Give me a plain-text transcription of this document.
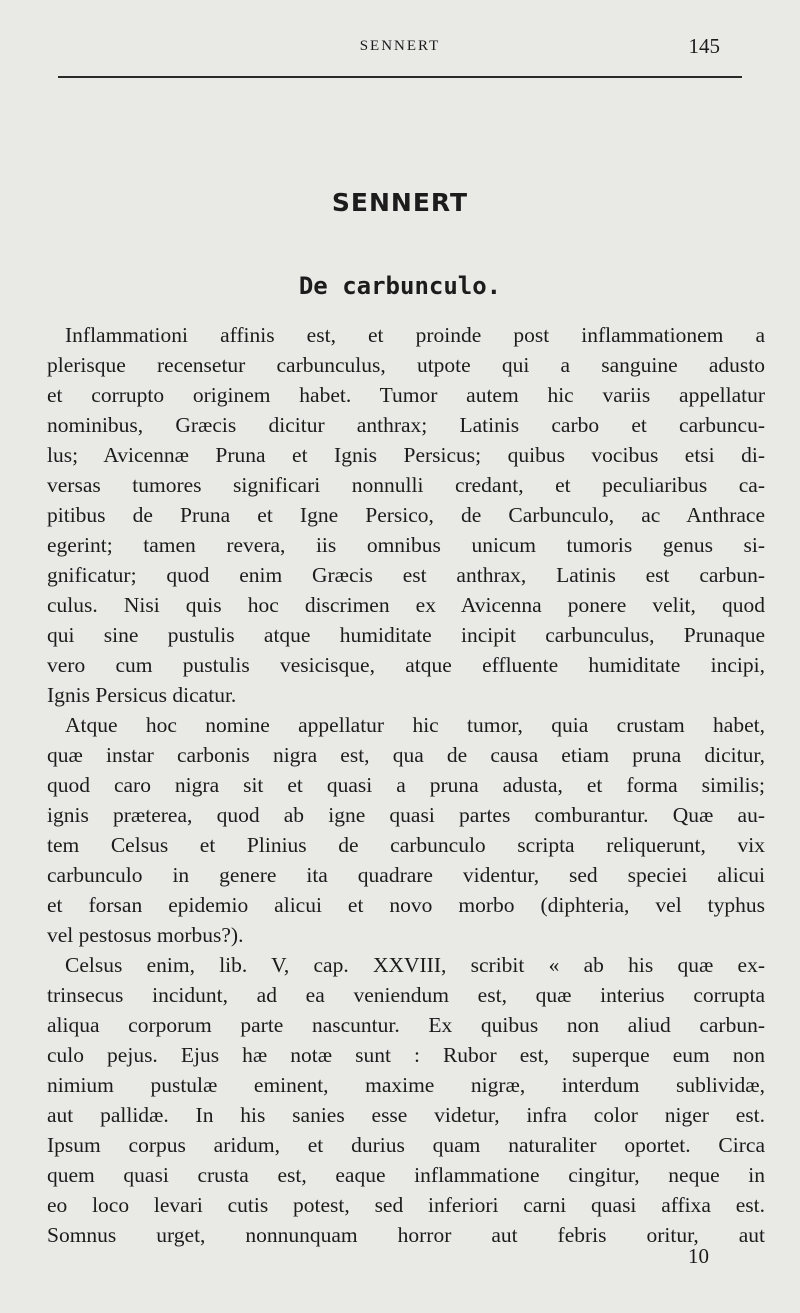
SENNERT	145
SENNERT
De carbunculo.
Inflammationi affinis est, et proinde post inflammationem a
plerisque recensetur carbunculus, utpote qui a sanguine adusto
et corrupto originem habet. Tumor autem hic variis appellatur
nominibus, Græcis dicitur anthrax; Latinis carbo et carbuncu-
lus; Avicennæ Pruna et Ignis Persicus; quibus vocibus etsi di-
versas tumores significari nonnulli credant, et peculiaribus ca-
pitibus de Pruna et Igne Persico, de Carbunculo, ac Anthrace
egerint; tamen revera, iis omnibus unicum tumoris genus si-
gnificatur; quod enim Græcis est anthrax, Latinis est carbun-
culus. Nisi quis hoc discrimen ex Avicenna ponere velit, quod
qui sine pustulis atque humiditate incipit carbunculus, Prunaque
vero cum pustulis vesicisque, atque effluente humiditate incipi,
Ignis Persicus dicatur.
Atque hoc nomine appellatur hic tumor, quia crustam habet,
quæ instar carbonis nigra est, qua de causa etiam pruna dicitur,
quod caro nigra sit et quasi a pruna adusta, et forma similis;
ignis præterea, quod ab igne quasi partes comburantur. Quæ au-
tem Celsus et Plinius de carbunculo scripta reliquerunt, vix
carbunculo in genere ita quadrare videntur, sed speciei alicui
et forsan epidemio alicui et novo morbo (diphteria, vel typhus
vel pestosus morbus?).
Celsus enim, lib. V, cap. XXVIII, scribit « ab his quæ ex-
trinsecus incidunt, ad ea veniendum est, quæ interius corrupta
aliqua corporum parte nascuntur. Ex quibus non aliud carbun-
culo pejus. Ejus hæ notæ sunt : Rubor est, superque eum non
nimium pustulæ eminent, maxime nigræ, interdum sublividæ,
aut pallidæ. In his sanies esse videtur, infra color niger est.
Ipsum corpus aridum, et durius quam naturaliter oportet. Circa
quem quasi crusta est, eaque inflammatione cingitur, neque in
eo loco levari cutis potest, sed inferiori carni quasi affixa est.
Somnus urget, nonnunquam horror aut febris oritur, aut
10
